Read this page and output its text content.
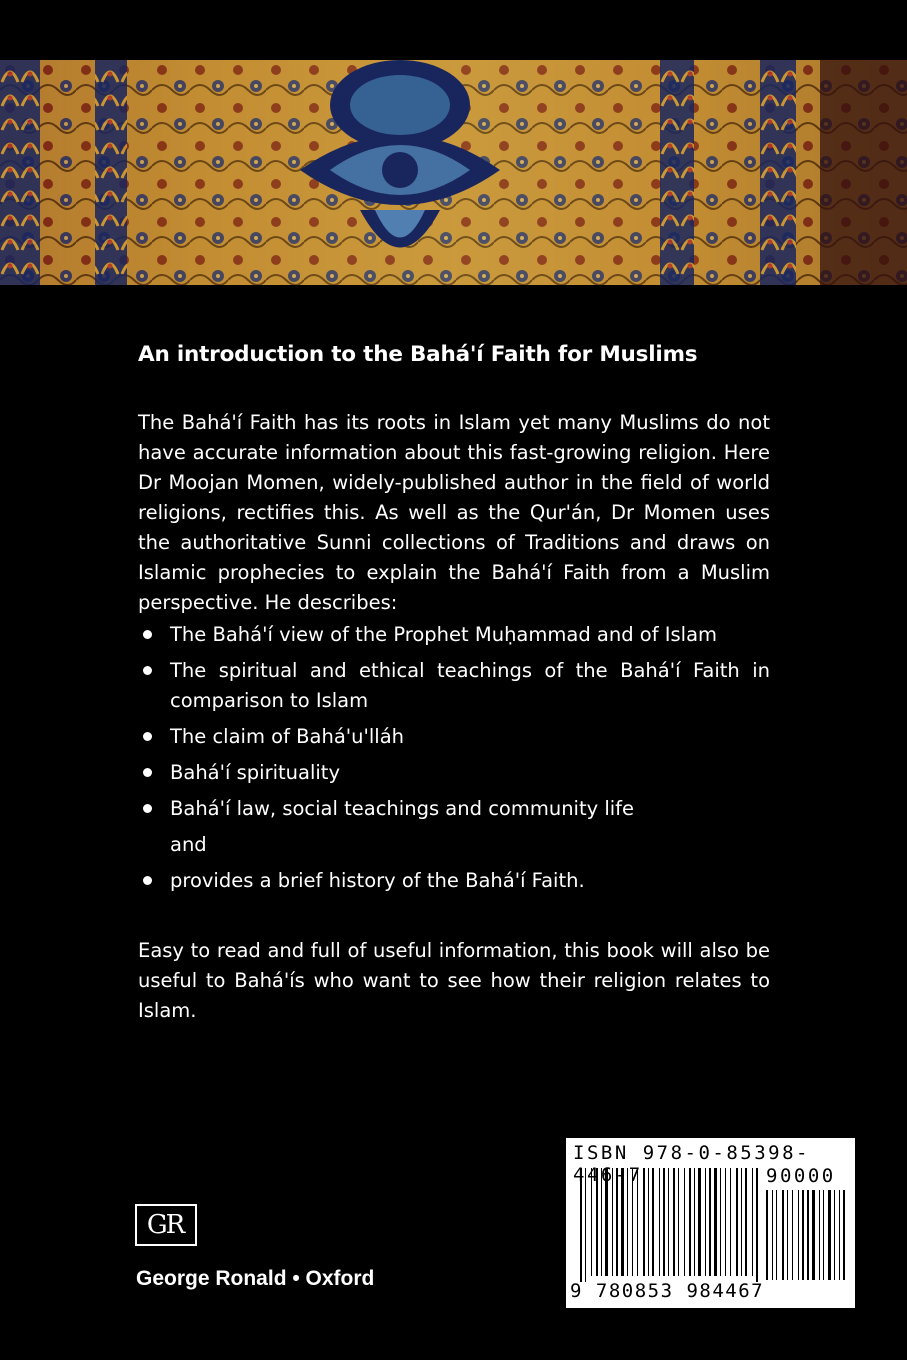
An introduction to the Bahá'í Faith for Muslims

The Bahá'í Faith has its roots in Islam yet many Muslims do not have accurate information about this fast-growing religion. Here Dr Moojan Momen, widely-published author in the field of world religions, rectifies this. As well as the Qur'án, Dr Momen uses the authoritative Sunni collections of Traditions and draws on Islamic prophecies to explain the Bahá'í Faith from a Muslim perspective. He describes:

The Bahá'í view of the Prophet Muḥammad and of Islam
The spiritual and ethical teachings of the Bahá'í Faith in comparison to Islam
The claim of Bahá'u'lláh
Bahá'í spirituality
Bahá'í law, social teachings and community life

and

provides a brief history of the Bahá'í Faith.

Easy to read and full of useful information, this book will also be useful to Bahá'ís who want to see how their religion relates to Islam.

GR
George Ronald • Oxford
ISBN 978-0-85398-446-7	90000
9 780853 984467
